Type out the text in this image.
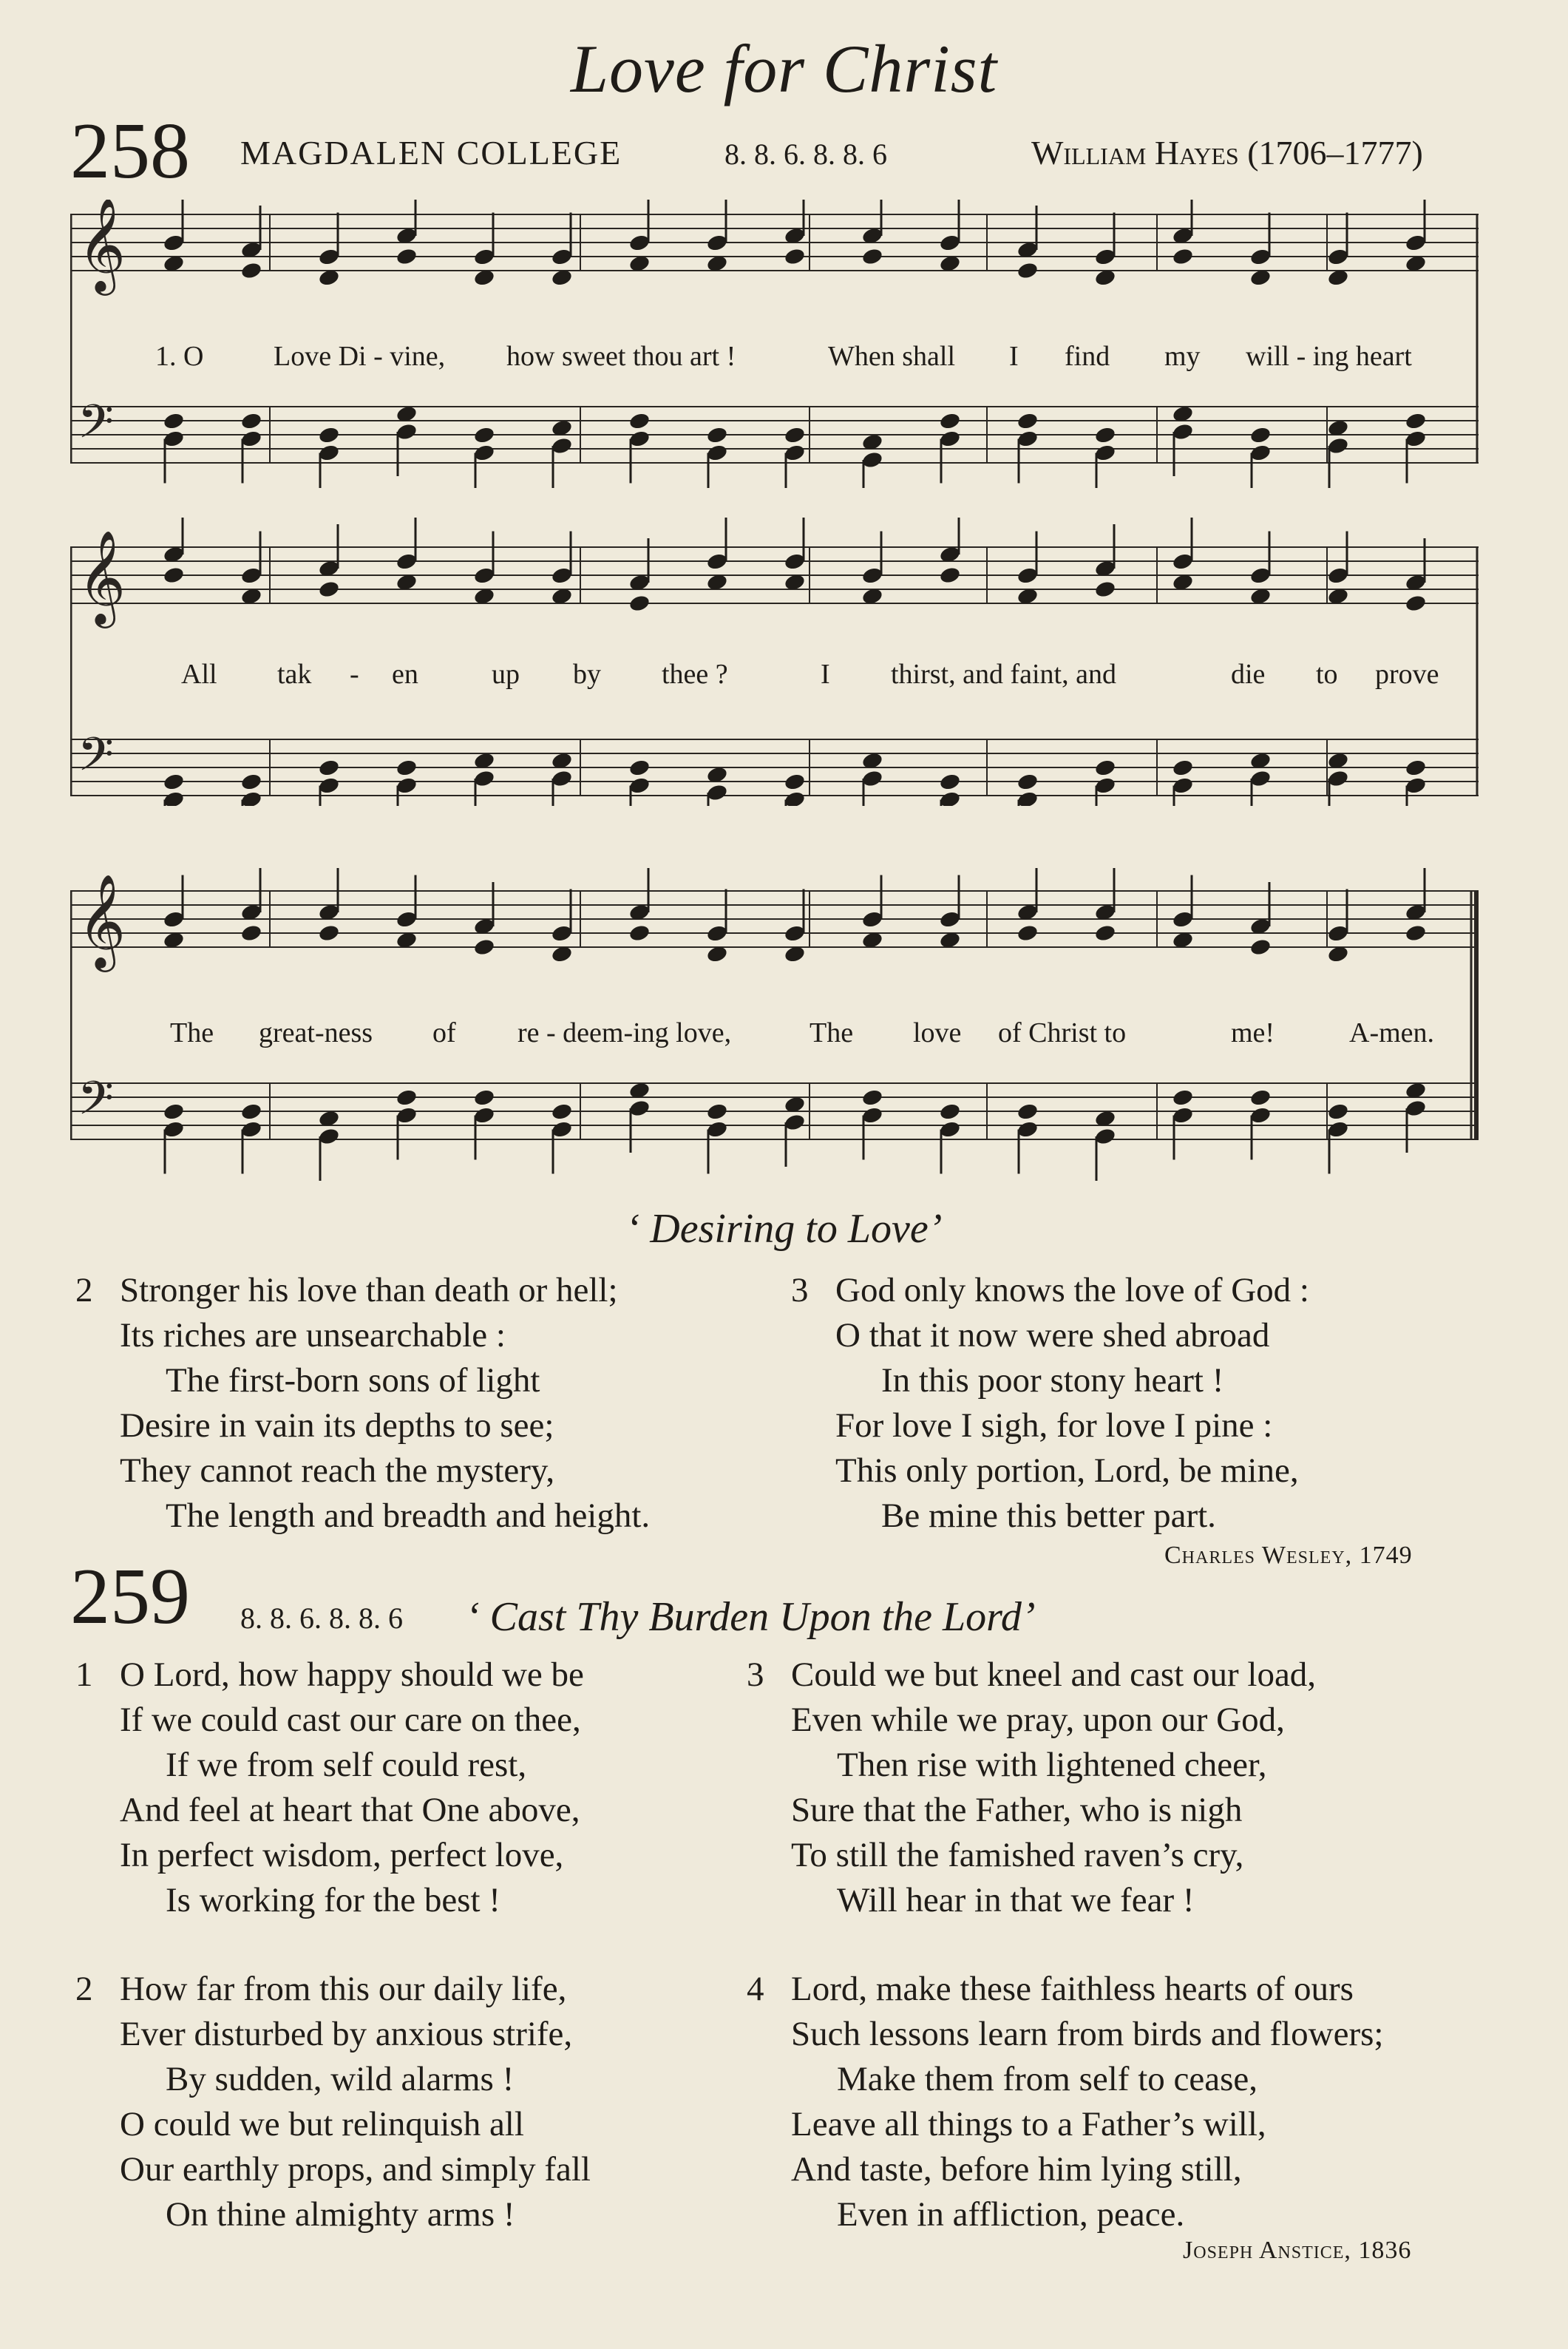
Love for Christ
258 MAGDALEN COLLEGE	8. 8. 6. 8. 8. 6	William Hayes (1706–1777)
𝄞
𝄢
1. O Love Di - vine, how sweet thou art !	When shall I find my will - ing heart
𝄞
𝄢
All tak - en	up by thee ?	I thirst, and faint, and	die to prove
𝄞
𝄢
The great-ness of re - deem-ing love,	The love of Christ to	me!	A-men.
‘ Desiring to Love’
2 Stronger his love than death or hell;
Its riches are unsearchable :
The first-born sons of light
Desire in vain its depths to see;
They cannot reach the mystery,
The length and breadth and height.
3 God only knows the love of God :
O that it now were shed abroad
In this poor stony heart !
For love I sigh, for love I pine :
This only portion, Lord, be mine,
Be mine this better part.
Charles Wesley, 1749
259 8. 8. 6. 8. 8. 6 ‘ Cast Thy Burden Upon the Lord’
1 O Lord, how happy should we be
If we could cast our care on thee,
If we from self could rest,
And feel at heart that One above,
In perfect wisdom, perfect love,
Is working for the best !
3 Could we but kneel and cast our load,
Even while we pray, upon our God,
Then rise with lightened cheer,
Sure that the Father, who is nigh
To still the famished raven’s cry,
Will hear in that we fear !
2 How far from this our daily life,
Ever disturbed by anxious strife,
By sudden, wild alarms !
O could we but relinquish all
Our earthly props, and simply fall
On thine almighty arms !
4 Lord, make these faithless hearts of ours
Such lessons learn from birds and flowers;
Make them from self to cease,
Leave all things to a Father’s will,
And taste, before him lying still,
Even in affliction, peace.
Joseph Anstice, 1836
